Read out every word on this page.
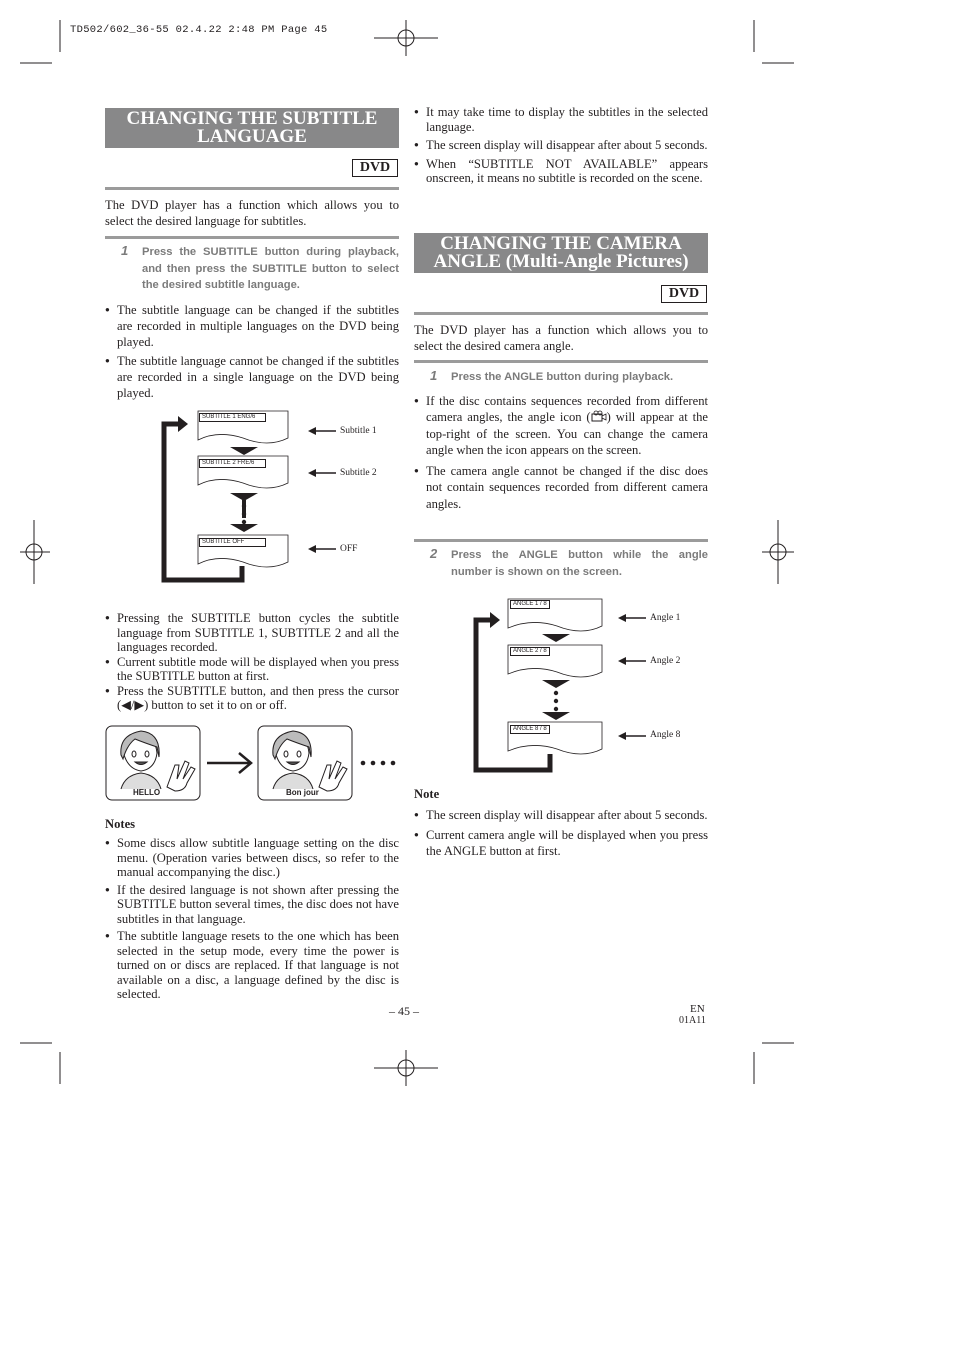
TD502/602_36-55 02.4.22 2:48 PM Page 45
CHANGING THE SUBTITLE
LANGUAGE
DVD

The DVD player has a function which allows you to select the desired language for subtitles.

1 Press the SUBTITLE button during playback, and then press the SUBTITLE button to select the desired subtitle language.

● The subtitle language can be changed if the subtitles are recorded in multiple languages on the DVD being played.
● The subtitle language cannot be changed if the subtitles are recorded in a single language on the DVD being played.
SUBTITLE 1 ENG/6
SUBTITLE 2 FRE/6
SUBTITLE OFF
Subtitle 1
Subtitle 2
OFF
● Pressing the SUBTITLE button cycles the subtitle language from SUBTITLE 1, SUBTITLE 2 and all the languages recorded.
● Current subtitle mode will be displayed when you press the SUBTITLE button at first.
● Press the SUBTITLE button, and then press the cursor (◀/▶) button to set it to on or off.
HELLO	Bon jour
Notes
● Some discs allow subtitle language setting on the disc menu. (Operation varies between discs, so refer to the manual accompanying the disc.)
● If the desired language is not shown after pressing the SUBTITLE button several times, the disc does not have subtitles in that language.
● The subtitle language resets to the one which has been selected in the setup mode, every time the power is turned on or discs are replaced. If that language is not available on a disc, a language defined by the disc is selected.
● It may take time to display the subtitles in the selected language.
● The screen display will disappear after about 5 seconds.
● When “SUBTITLE NOT AVAILABLE” appears onscreen, it means no subtitle is recorded on the scene.
CHANGING THE CAMERA
ANGLE (Multi-Angle Pictures)
DVD

The DVD player has a function which allows you to select the desired camera angle.

1 Press the ANGLE button during playback.

● If the disc contains sequences recorded from different camera angles, the angle icon ( ) will appear at the top-right of the screen. You can change the camera angle when the icon appears on the screen.
● The camera angle cannot be changed if the disc does not contain sequences recorded from different camera angles.
2 Press the ANGLE button while the angle number is shown on the screen.

ANGLE 1 / 8
ANGLE 2 / 8
ANGLE 8 / 8
Angle 1
Angle 2
Angle 8
Note
● The screen display will disappear after about 5 seconds.
● Current camera angle will be displayed when you press the ANGLE button at first.
– 45 –	EN
01A11
